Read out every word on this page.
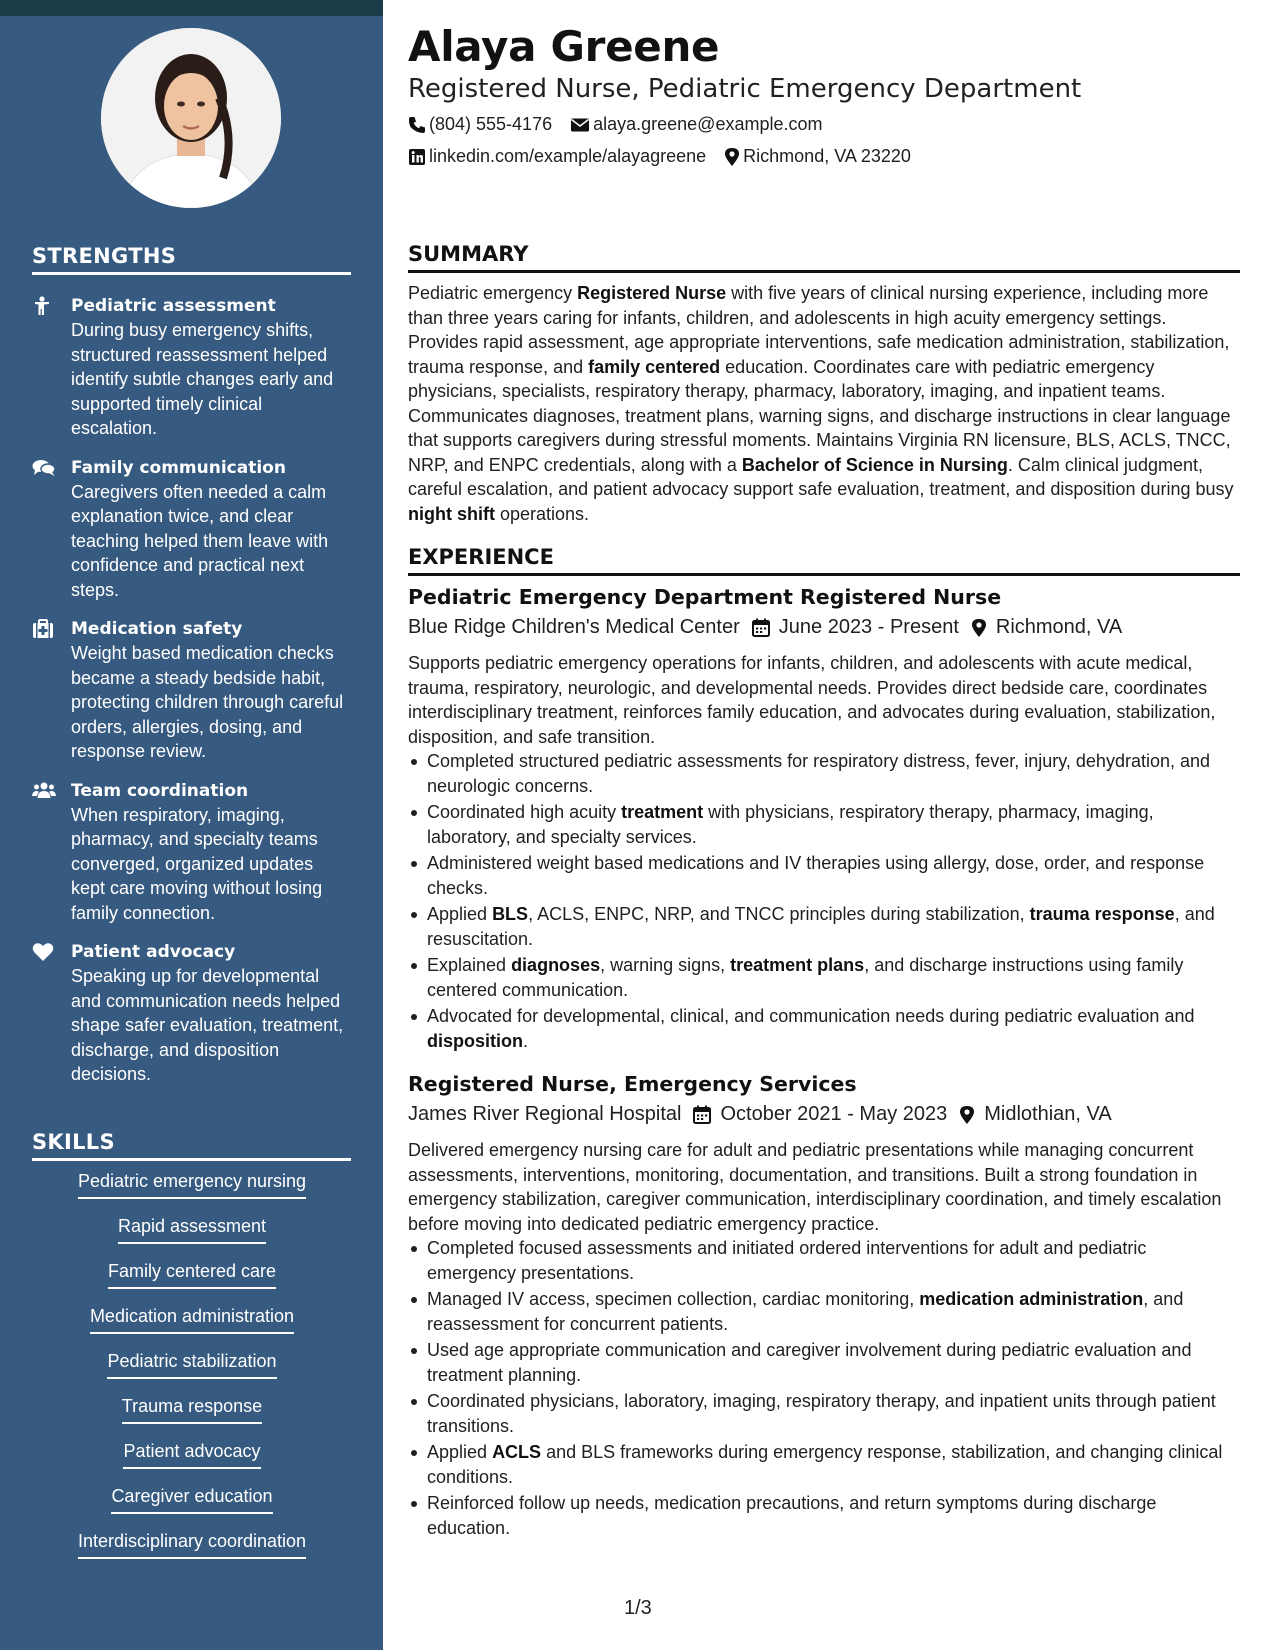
STRENGTHS
Pediatric assessment
During busy emergency shifts, structured reassessment helped identify subtle changes early and supported timely clinical escalation.
Family communication
Caregivers often needed a calm explanation twice, and clear teaching helped them leave with confidence and practical next steps.
Medication safety
Weight based medication checks became a steady bedside habit, protecting children through careful orders, allergies, dosing, and response review.
Team coordination
When respiratory, imaging, pharmacy, and specialty teams converged, organized updates kept care moving without losing family connection.
Patient advocacy
Speaking up for developmental and communication needs helped shape safer evaluation, treatment, discharge, and disposition decisions.
SKILLS
Pediatric emergency nursing
Rapid assessment
Family centered care
Medication administration
Pediatric stabilization
Trauma response
Patient advocacy
Caregiver education
Interdisciplinary coordination
Alaya Greene
Registered Nurse, Pediatric Emergency Department
(804) 555-4176 alaya.greene@example.com
linkedin.com/example/alayagreene Richmond, VA 23220
SUMMARY

Pediatric emergency Registered Nurse with five years of clinical nursing experience, including more than three years caring for infants, children, and adolescents in high acuity emergency settings. Provides rapid assessment, age appropriate interventions, safe medication administration, stabilization, trauma response, and family centered education. Coordinates care with pediatric emergency physicians, specialists, respiratory therapy, pharmacy, laboratory, imaging, and inpatient teams. Communicates diagnoses, treatment plans, warning signs, and discharge instructions in clear language that supports caregivers during stressful moments. Maintains Virginia RN licensure, BLS, ACLS, TNCC, NRP, and ENPC credentials, along with a Bachelor of Science in Nursing. Calm clinical judgment, careful escalation, and patient advocacy support safe evaluation, treatment, and disposition during busy night shift operations.

EXPERIENCE
Pediatric Emergency Department Registered Nurse
Blue Ridge Children's Medical Center June 2023 - Present Richmond, VA

Supports pediatric emergency operations for infants, children, and adolescents with acute medical, trauma, respiratory, neurologic, and developmental needs. Provides direct bedside care, coordinates interdisciplinary treatment, reinforces family education, and advocates during evaluation, stabilization, disposition, and safe transition.

Completed structured pediatric assessments for respiratory distress, fever, injury, dehydration, and neurologic concerns.
Coordinated high acuity treatment with physicians, respiratory therapy, pharmacy, imaging, laboratory, and specialty services.
Administered weight based medications and IV therapies using allergy, dose, order, and response checks.
Applied BLS, ACLS, ENPC, NRP, and TNCC principles during stabilization, trauma response, and resuscitation.
Explained diagnoses, warning signs, treatment plans, and discharge instructions using family centered communication.
Advocated for developmental, clinical, and communication needs during pediatric evaluation and disposition.
Registered Nurse, Emergency Services
James River Regional Hospital October 2021 - May 2023 Midlothian, VA

Delivered emergency nursing care for adult and pediatric presentations while managing concurrent assessments, interventions, monitoring, documentation, and transitions. Built a strong foundation in emergency stabilization, caregiver communication, interdisciplinary coordination, and timely escalation before moving into dedicated pediatric emergency practice.

Completed focused assessments and initiated ordered interventions for adult and pediatric emergency presentations.
Managed IV access, specimen collection, cardiac monitoring, medication administration, and reassessment for concurrent patients.
Used age appropriate communication and caregiver involvement during pediatric evaluation and treatment planning.
Coordinated physicians, laboratory, imaging, respiratory therapy, and inpatient units through patient transitions.
Applied ACLS and BLS frameworks during emergency response, stabilization, and changing clinical conditions.
Reinforced follow up needs, medication precautions, and return symptoms during discharge education.
1/3
